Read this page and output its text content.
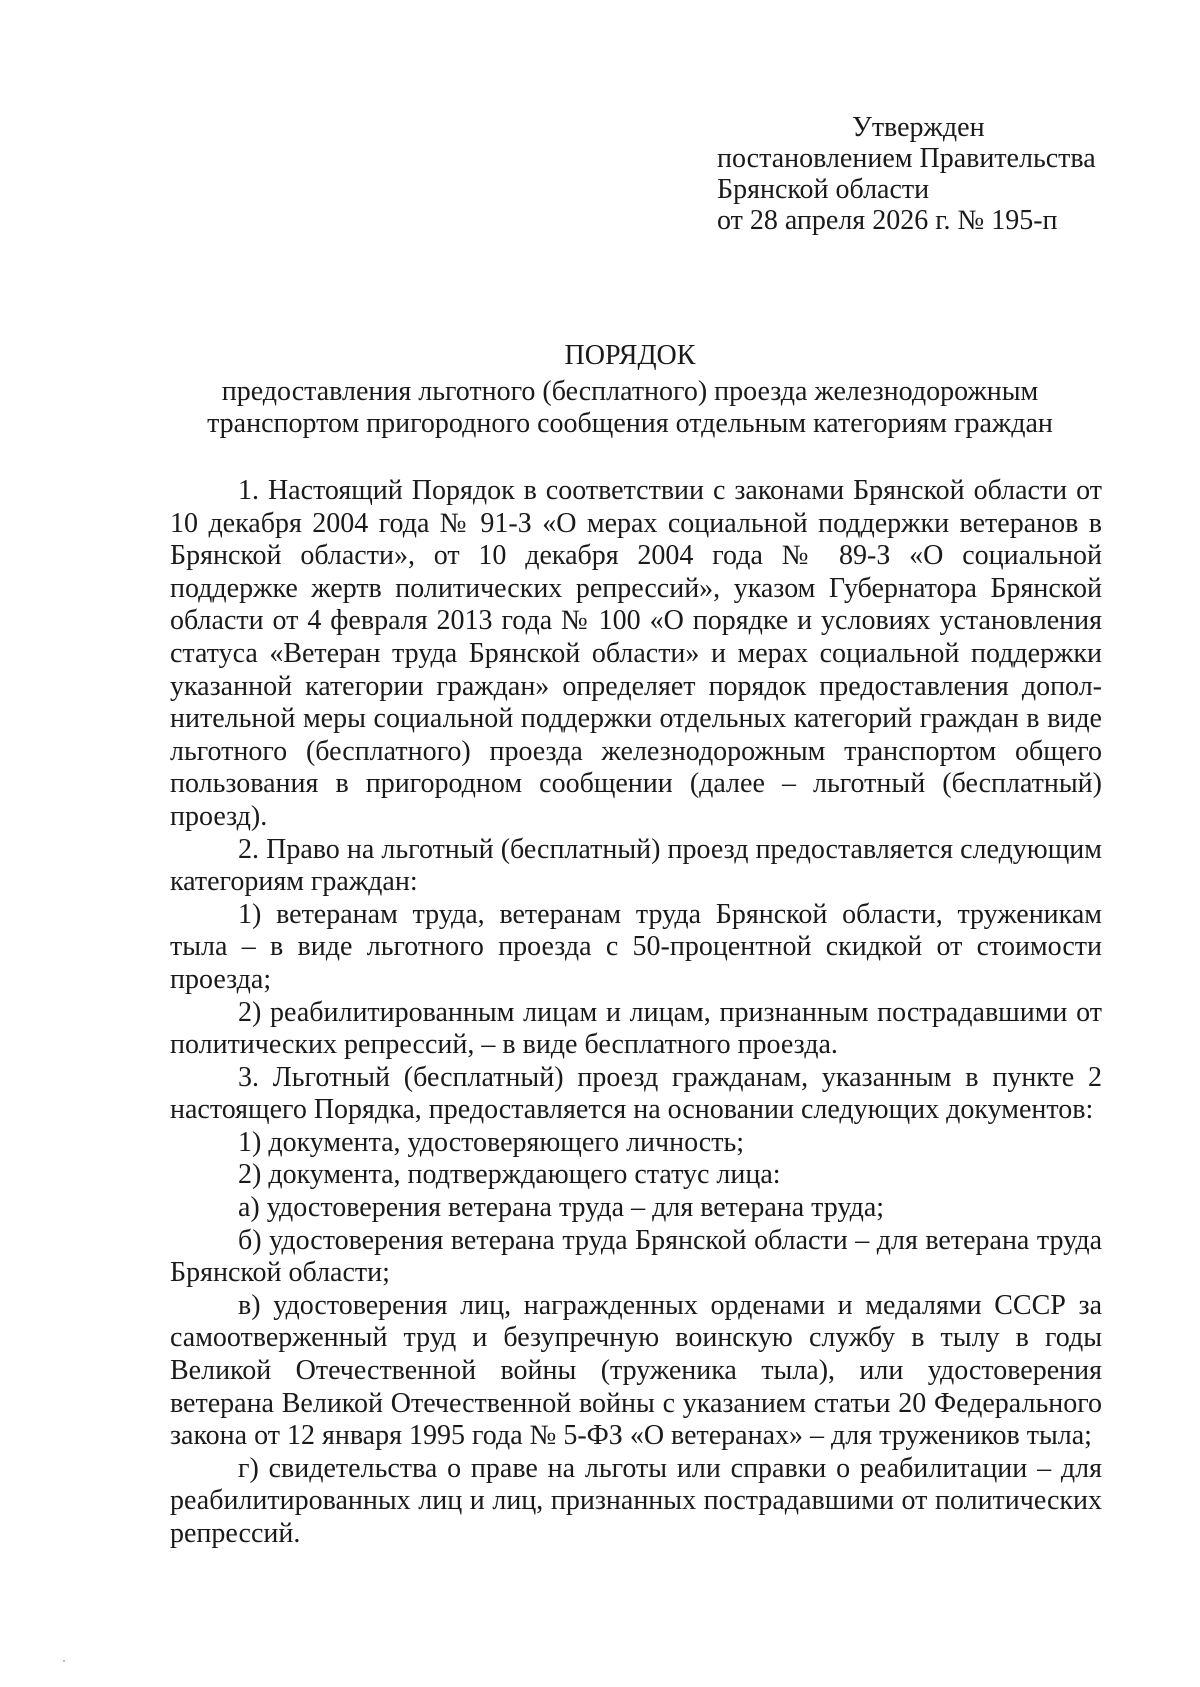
Утвержден
постановлением Правительства
Брянской области
от 28 апреля 2026 г. № 195-п
ПОРЯДОК
предоставления льготного (бесплатного) проезда железнодорожным транспортом пригородного сообщения отдельным категориям граждан

1. Настоящий Порядок в соответствии с законами Брянской области от 10 декабря 2004 года № 91-З «О мерах социальной поддержки ветеранов в Брянской области», от 10 декабря 2004 года № 89-З «О социальной поддержке жертв политических репрессий», указом Губернатора Брянской области от 4 февраля 2013 года № 100 «О порядке и условиях установления статуса «Ветеран труда Брянской области» и мерах социальной поддержки указанной категории граждан» определяет порядок предоставления дополнительной меры социальной поддержки отдельных категорий граждан в виде льготного (бесплатного) проезда железнодорожным транспортом общего пользования в пригородном сообщении (далее – льготный (бесплатный) проезд).

2. Право на льготный (бесплатный) проезд предоставляется следующим категориям граждан:

1) ветеранам труда, ветеранам труда Брянской области, труженикам тыла – в виде льготного проезда с 50-процентной скидкой от стоимости проезда;

2) реабилитированным лицам и лицам, признанным пострадавшими от политических репрессий, – в виде бесплатного проезда.

3. Льготный (бесплатный) проезд гражданам, указанным в пункте 2 настоящего Порядка, предоставляется на основании следующих документов:

1) документа, удостоверяющего личность;

2) документа, подтверждающего статус лица:

а) удостоверения ветерана труда – для ветерана труда;

б) удостоверения ветерана труда Брянской области – для ветерана труда Брянской области;

в) удостоверения лиц, награжденных орденами и медалями СССР за самоотверженный труд и безупречную воинскую службу в тылу в годы Великой Отечественной войны (труженика тыла), или удостоверения ветерана Великой Отечественной войны с указанием статьи 20 Федерального закона от 12 января 1995 года № 5-ФЗ «О ветеранах» – для тружеников тыла;

г) свидетельства о праве на льготы или справки о реабилитации – для реабилитированных лиц и лиц, признанных пострадавшими от политических репрессий.
